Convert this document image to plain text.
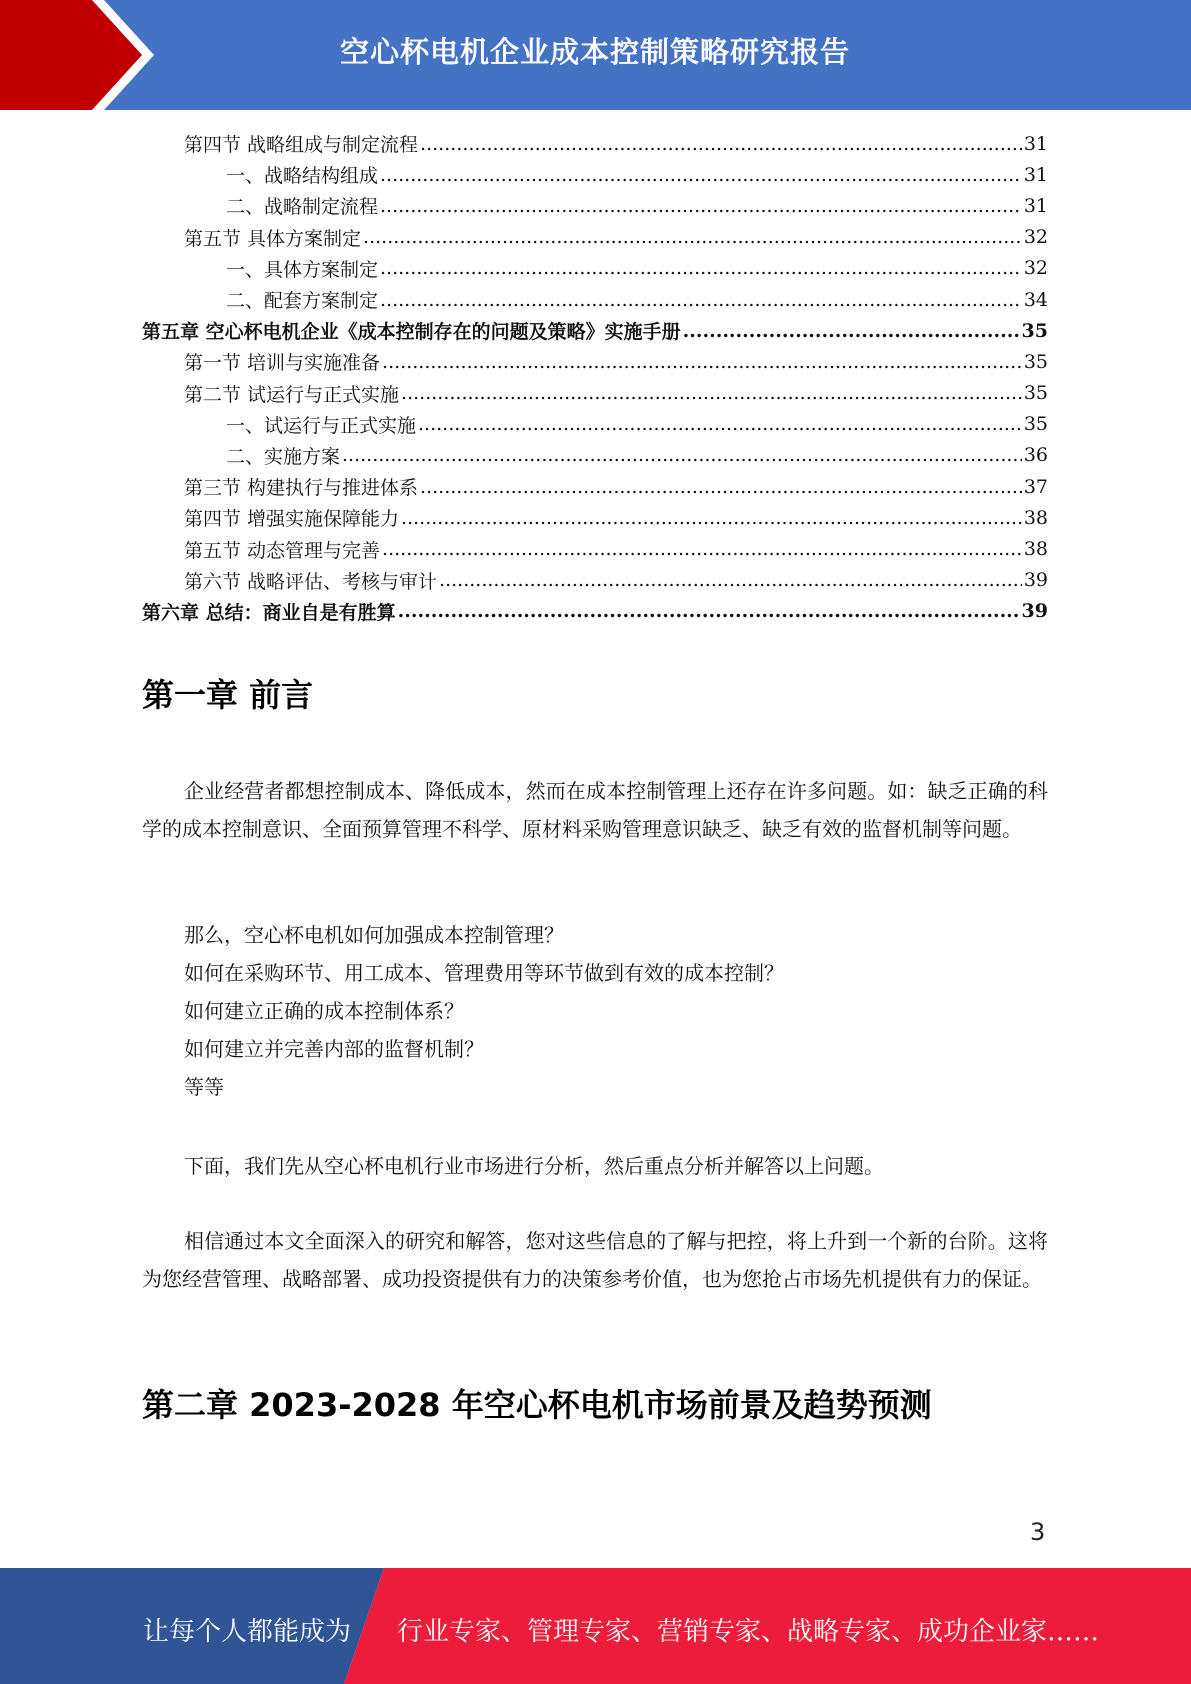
空心杯电机企业成本控制策略研究报告
第四节 战略组成与制定流程 .....	31
一、战略结构组成 .....	31
二、战略制定流程 .....	31
第五节 具体方案制定 .....	32
一、具体方案制定 .....	32
二、配套方案制定 .....	34
第五章 空心杯电机企业《成本控制存在的问题及策略》实施手册 .....	35
第一节 培训与实施准备 .....	35
第二节 试运行与正式实施 .....	35
一、试运行与正式实施 .....	35
二、实施方案 .....	36
第三节 构建执行与推进体系 .....	37
第四节 增强实施保障能力 .....	38
第五节 动态管理与完善 .....	38
第六节 战略评估、考核与审计 .....	39
第六章 总结：商业自是有胜算 .....	39
第一章 前言
企业经营者都想控制成本、降低成本，然而在成本控制管理上还存在许多问题。如：缺乏正确的科学的成本控制意识、全面预算管理不科学、原材料采购管理意识缺乏、缺乏有效的监督机制等问题。
那么，空心杯电机如何加强成本控制管理？
如何在采购环节、用工成本、管理费用等环节做到有效的成本控制？
如何建立正确的成本控制体系？
如何建立并完善内部的监督机制？
等等
下面，我们先从空心杯电机行业市场进行分析，然后重点分析并解答以上问题。
相信通过本文全面深入的研究和解答，您对这些信息的了解与把控，将上升到一个新的台阶。这将为您经营管理、战略部署、成功投资提供有力的决策参考价值，也为您抢占市场先机提供有力的保证。
第二章 2023-2028 年空心杯电机市场前景及趋势预测
3
让每个人都能成为 行业专家、管理专家、营销专家、战略专家、成功企业家……
